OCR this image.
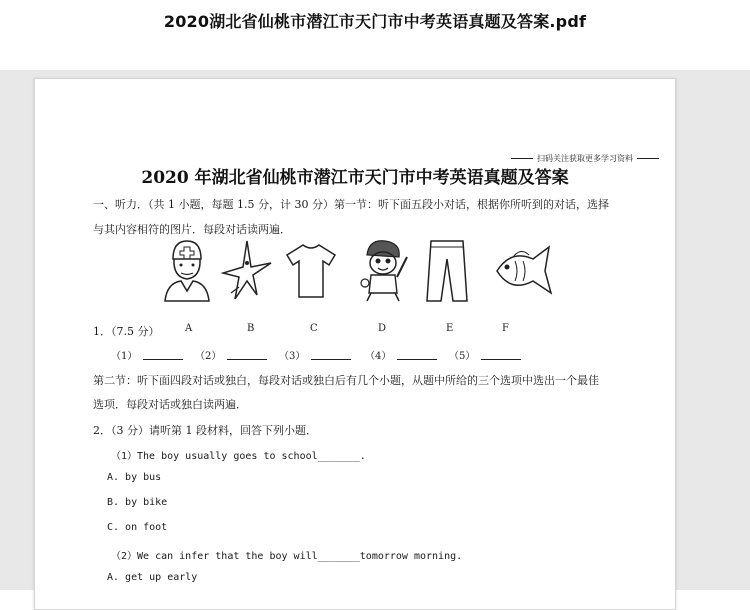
2020湖北省仙桃市潜江市天门市中考英语真题及答案.pdf
扫码关注获取更多学习资料
2020 年湖北省仙桃市潜江市天门市中考英语真题及答案
一、听力．（共 1 小题，每题 1.5 分，计 30 分）第一节：听下面五段小对话，根据你所听到的对话，选择
与其内容相符的图片．每段对话读两遍．
1．（7.5 分）	A	B	C	D	E	F
（1）	（2）	（3）	（4）	（5）
第二节：听下面四段对话或独白，每段对话或独白后有几个小题，从题中所给的三个选项中选出一个最佳
选项．每段对话或独白读两遍．
2．（3 分）请听第 1 段材料，回答下列小题．
（1）The boy usually goes to school_______.
A. by bus
B. by bike
C. on foot
（2）We can infer that the boy will_______tomorrow morning.
A. get up early
